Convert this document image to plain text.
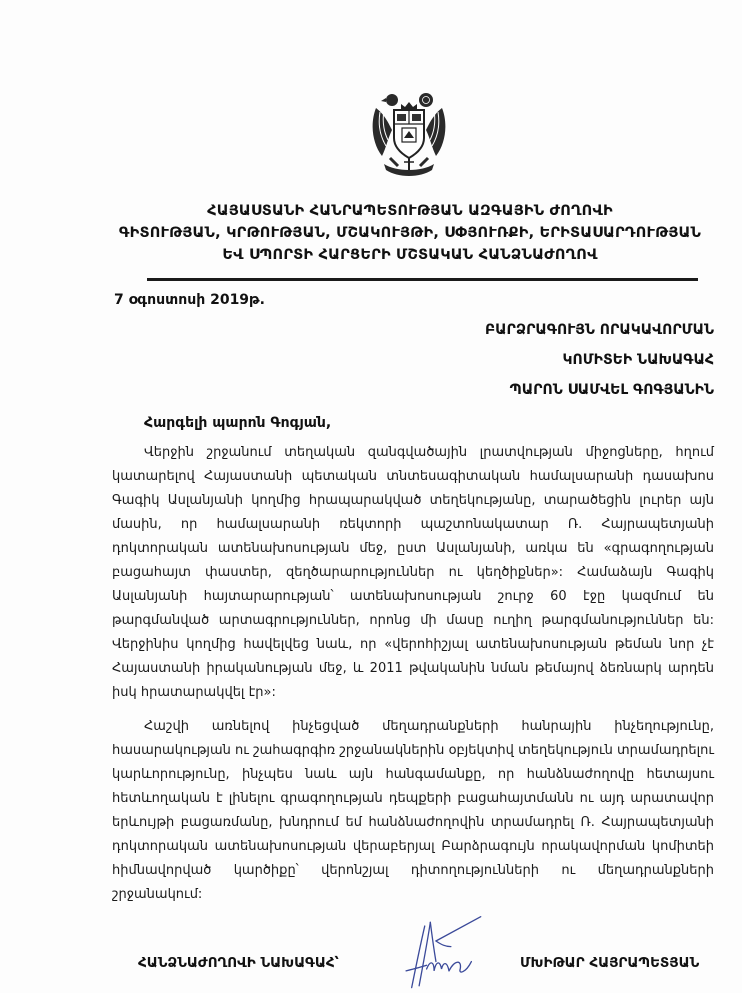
ՀԱՅԱՍՏԱՆԻ ՀԱՆՐԱՊԵՏՈՒԹՅԱՆ ԱԶԳԱՅԻՆ ԺՈՂՈՎԻ
ԳԻՏՈՒԹՅԱՆ, ԿՐԹՈՒԹՅԱՆ, ՄՇԱԿՈՒՅԹԻ, ՍՓՅՈՒՌՔԻ, ԵՐԻՏԱՍԱՐԴՈՒԹՅԱՆ
ԵՎ ՍՊՈՐՏԻ ՀԱՐՑԵՐԻ ՄՇՏԱԿԱՆ ՀԱՆՁՆԱԺՈՂՈՎ
7 օգոստոսի 2019թ.
ԲԱՐՁՐԱԳՈՒՅՆ ՈՐԱԿԱՎՈՐՄԱՆ
ԿՈՄԻՏԵԻ ՆԱԽԱԳԱՀ
ՊԱՐՈՆ ՍԱՄՎԵԼ ԳՈԳՅԱՆԻՆ
Հարգելի պարոն Գոգյան,

Վերջին շրջանում տեղական զանգվածային լրատվության միջոցները, հղում կատարելով Հայաստանի պետական տնտեսագիտական համալսարանի դասախոս Գագիկ Ասլանյանի կողմից հրապարակված տեղեկությանը, տարածեցին լուրեր այն մասին, որ համալսարանի ռեկտորի պաշտոնակատար Ռ. Հայրապետյանի դոկտորական ատենախոսության մեջ, ըստ Ասլանյանի, առկա են «գրագողության բացահայտ փաստեր, զեղծարարություններ ու կեղծիքներ»: Համաձայն Գագիկ Ասլանյանի հայտարարության՝ ատենախոսության շուրջ 60 էջը կազմում են թարգմանված արտագրություններ, որոնց մի մասը ուղիղ թարգմանություններ են: Վերջինիս կողմից հավելվեց նաև, որ «վերոհիշյալ ատենախոսության թեման նոր չէ Հայաստանի իրականության մեջ, և 2011 թվականին նման թեմայով ձեռնարկ արդեն իսկ հրատարակվել էր»:

Հաշվի առնելով ինչեցված մեղադրանքների հանրային ինչեղությունը, հասարակության ու շահագրգիռ շրջանակներին օբյեկտիվ տեղեկություն տրամադրելու կարևորությունը, ինչպես նաև այն հանգամանքը, որ հանձնաժողովը հետայսու հետևողական է լինելու գրագողության դեպքերի բացահայտմանն ու այդ արատավոր երևույթի բացառմանը, խնդրում եմ հանձնաժողովին տրամադրել Ռ. Հայրապետյանի դոկտորական ատենախոսության վերաբերյալ Բարձրագույն որակավորման կոմիտեի հիմնավորված կարծիքը՝ վերոնշյալ դիտողությունների ու մեղադրանքների շրջանակում:

ՀԱՆՁՆԱԺՈՂՈՎԻ ՆԱԽԱԳԱՀ՝	ՄԽԻԹԱՐ ՀԱՅՐԱՊԵՏՅԱՆ
